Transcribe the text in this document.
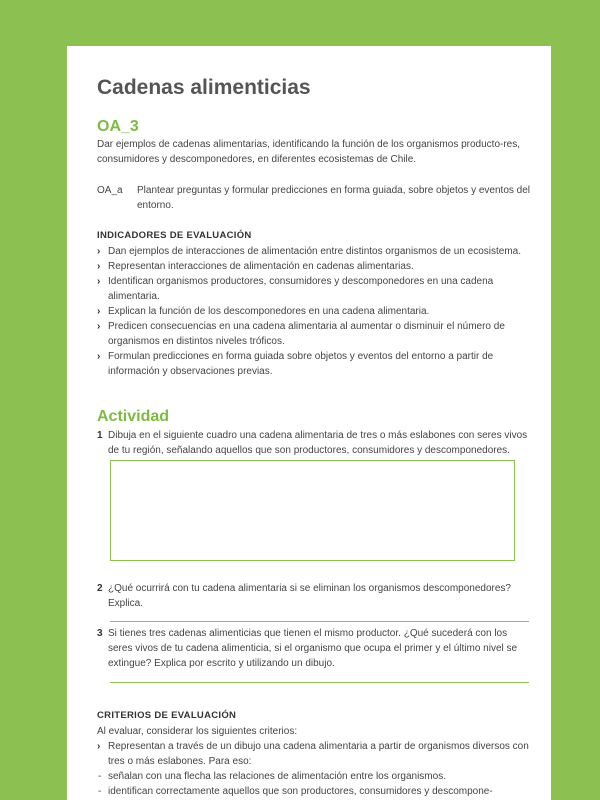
Cadenas alimenticias
OA_3
Dar ejemplos de cadenas alimentarias, identificando la función de los organismos producto-res, consumidores y descomponedores, en diferentes ecosistemas de Chile.
OA_a	Plantear preguntas y formular predicciones en forma guiada, sobre objetos y eventos del entorno.
INDICADORES DE EVALUACIÓN
› Dan ejemplos de interacciones de alimentación entre distintos organismos de un ecosistema.
› Representan interacciones de alimentación en cadenas alimentarias.
› Identifican organismos productores, consumidores y descomponedores en una cadena alimentaria.
› Explican la función de los descomponedores en una cadena alimentaria.
› Predicen consecuencias en una cadena alimentaria al aumentar o disminuir el número de organismos en distintos niveles tróficos.
› Formulan predicciones en forma guiada sobre objetos y eventos del entorno a partir de información y observaciones previas.
Actividad
1 Dibuja en el siguiente cuadro una cadena alimentaria de tres o más eslabones con seres vivos de tu región, señalando aquellos que son productores, consumidores y descomponedores.
2 ¿Qué ocurrirá con tu cadena alimentaria si se eliminan los organismos descomponedores? Explica.
3 Si tienes tres cadenas alimenticias que tienen el mismo productor. ¿Qué sucederá con los seres vivos de tu cadena alimenticia, si el organismo que ocupa el primer y el último nivel se extingue? Explica por escrito y utilizando un dibujo.
CRITERIOS DE EVALUACIÓN
Al evaluar, considerar los siguientes criterios:
› Representan a través de un dibujo una cadena alimentaria a partir de organismos diversos con tres o más eslabones. Para eso:
- señalan con una flecha las relaciones de alimentación entre los organismos.
- identifican correctamente aquellos que son productores, consumidores y descompone-
